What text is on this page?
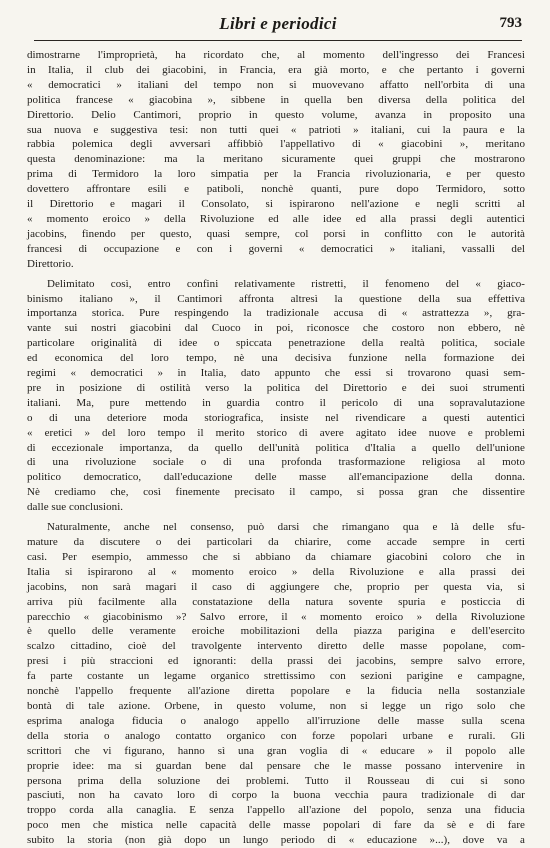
Libri e periodici	793
dimostrarne l'improprietà, ha ricordato che, al momento dell'ingresso dei Francesi
in Italia, il club dei giacobini, in Francia, era già morto, e che pertanto i governi
« democratici » italiani del tempo non si muovevano affatto nell'orbita di una
politica francese « giacobina », sibbene in quella ben diversa della politica del
Direttorio. Delio Cantimori, proprio in questo volume, avanza in proposito una
sua nuova e suggestiva tesi: non tutti quei « patrioti » italiani, cui la paura e la
rabbia polemica degli avversari affibbiò l'appellativo di « giacobini », meritano
questa denominazione: ma la meritano sicuramente quei gruppi che mostrarono
prima di Termidoro la loro simpatia per la Francia rivoluzionaria, e per questo
dovettero affrontare esili e patiboli, nonchè quanti, pure dopo Termidoro, sotto
il Direttorio e magari il Consolato, si ispirarono nell'azione e negli scritti al
« momento eroico » della Rivoluzione ed alle idee ed alla prassi degli autentici
jacobins, finendo per questo, quasi sempre, col porsi in conflitto con le autorità
francesi di occupazione e con i governi « democratici » italiani, vassalli del
Direttorio.
Delimitato così, entro confini relativamente ristretti, il fenomeno del « giaco-
binismo italiano », il Cantimori affronta altresì la questione della sua effettiva
importanza storica. Pure respingendo la tradizionale accusa di « astrattezza », gra-
vante sui nostri giacobini dal Cuoco in poi, riconosce che costoro non ebbero, nè
particolare originalità di idee o spiccata penetrazione della realtà politica, sociale
ed economica del loro tempo, nè una decisiva funzione nella formazione dei
regimi « democratici » in Italia, dato appunto che essi si trovarono quasi sem-
pre in posizione di ostilità verso la politica del Direttorio e dei suoi strumenti
italiani. Ma, pure mettendo in guardia contro il pericolo di una sopravalutazione
o di una deteriore moda storiografica, insiste nel rivendicare a questi autentici
« eretici » del loro tempo il merito storico di avere agitato idee nuove e problemi
di eccezionale importanza, da quello dell'unità politica d'Italia a quello dell'unione
di una rivoluzione sociale o di una profonda trasformazione religiosa al moto
politico democratico, dall'educazione delle masse all'emancipazione della donna.
Nè crediamo che, così finemente precisato il campo, si possa gran che dissentire
dalle sue conclusioni.
Naturalmente, anche nel consenso, può darsi che rimangano qua e là delle sfu-
mature da discutere o dei particolari da chiarire, come accade sempre in certi
casi. Per esempio, ammesso che si abbiano da chiamare giacobini coloro che in
Italia si ispirarono al « momento eroico » della Rivoluzione e alla prassi dei
jacobins, non sarà magari il caso di aggiungere che, proprio per questa via, si
arriva più facilmente alla constatazione della natura sovente spuria e posticcia di
parecchio « giacobinismo »? Salvo errore, il « momento eroico » della Rivoluzione
è quello delle veramente eroiche mobilitazioni della piazza parigina e dell'esercito
scalzo cittadino, cioè del travolgente intervento diretto delle masse popolane, com-
presi i più straccioni ed ignoranti: della prassi dei jacobins, sempre salvo errore,
fa parte costante un legame organico strettissimo con sezioni parigine e campagne,
nonchè l'appello frequente all'azione diretta popolare e la fiducia nella sostanziale
bontà di tale azione. Orbene, in questo volume, non si legge un rigo solo che
esprima analoga fiducia o analogo appello all'irruzione delle masse sulla scena
della storia o analogo contatto organico con forze popolari urbane e rurali. Gli
scrittori che vi figurano, hanno sì una gran voglia di « educare » il popolo alle
proprie idee: ma si guardan bene dal pensare che le masse possano intervenire in
persona prima della soluzione dei problemi. Tutto il Rousseau di cui si sono
pasciuti, non ha cavato loro di corpo la buona vecchia paura tradizionale di dar
troppo corda alla canaglia. E senza l'appello all'azione del popolo, senza una fiducia
poco men che mistica nelle capacità delle masse popolari di fare da sè e di fare
subito la storia (non già dopo un lungo periodo di « educazione »...), dove va a
